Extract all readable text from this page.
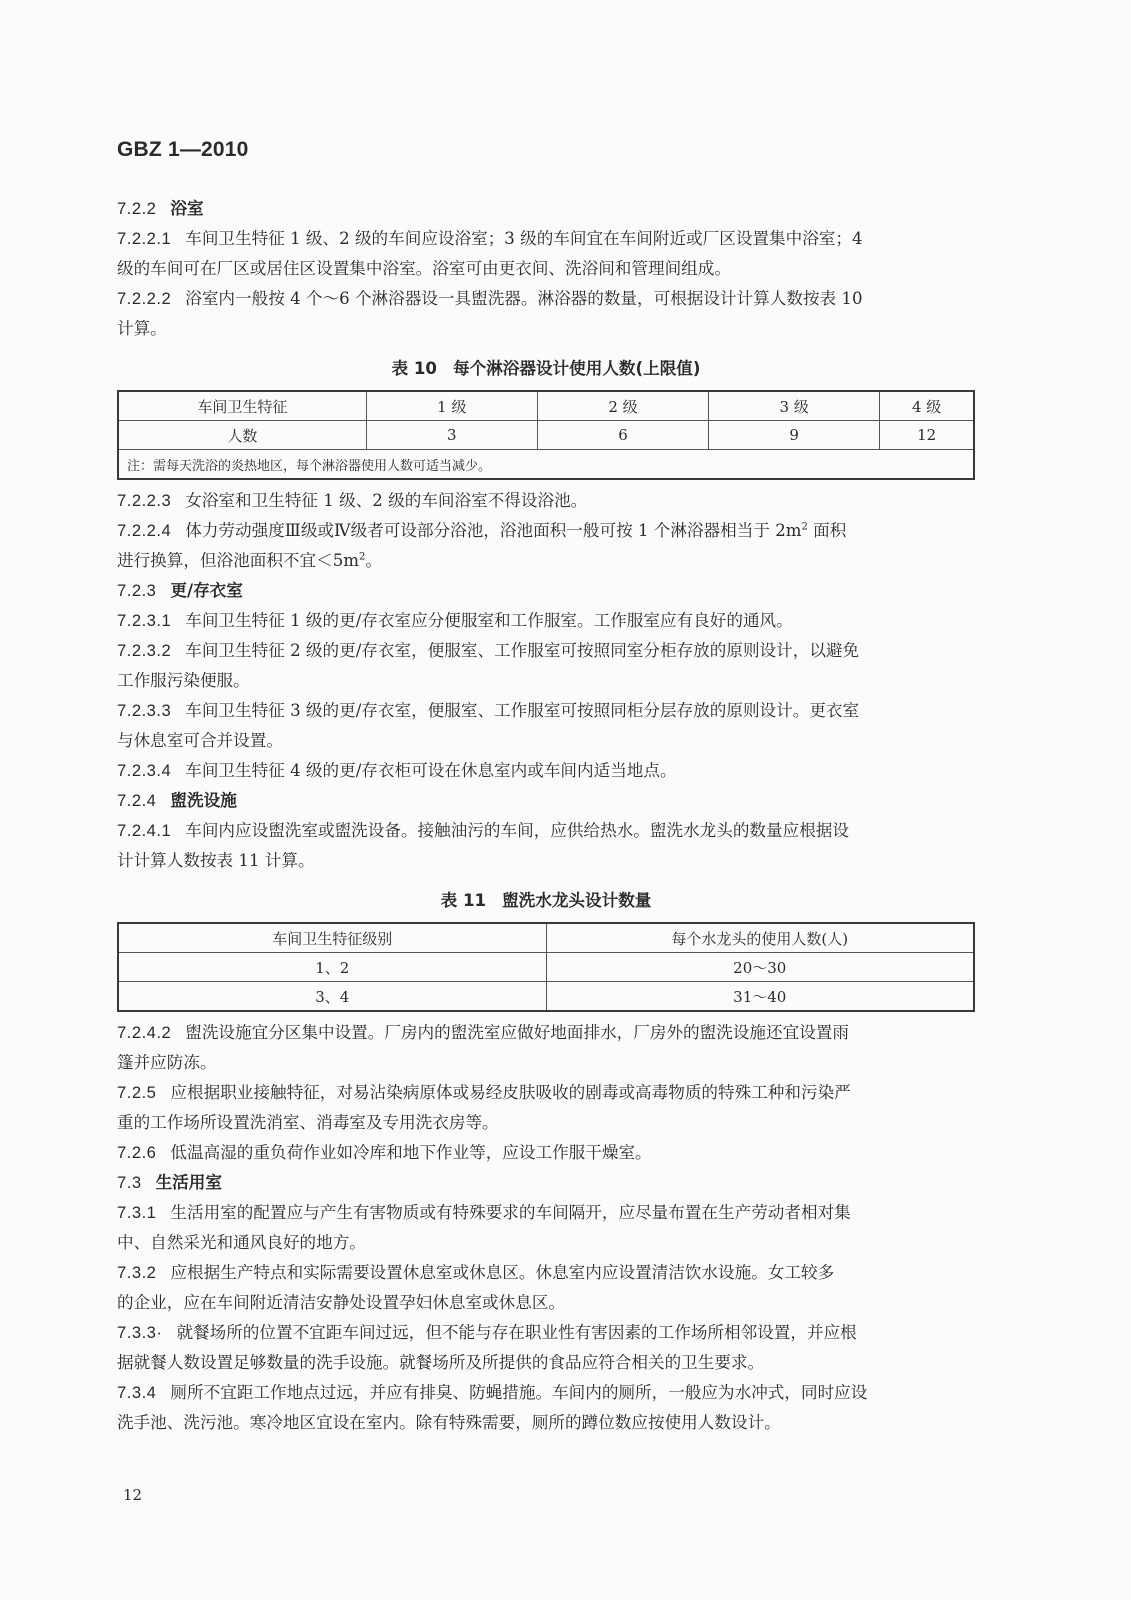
GBZ 1—2010
7.2.2 浴室
7.2.2.1 车间卫生特征 1 级、2 级的车间应设浴室；3 级的车间宜在车间附近或厂区设置集中浴室；4
级的车间可在厂区或居住区设置集中浴室。浴室可由更衣间、洗浴间和管理间组成。
7.2.2.2 浴室内一般按 4 个～6 个淋浴器设一具盥洗器。淋浴器的数量，可根据设计计算人数按表 10
计算。
表 10 每个淋浴器设计使用人数(上限值)
车间卫生特征	1 级	2 级	3 级	4 级
人数	3	6	9	12
注：需每天洗浴的炎热地区，每个淋浴器使用人数可适当减少。				
7.2.2.3 女浴室和卫生特征 1 级、2 级的车间浴室不得设浴池。
7.2.2.4 体力劳动强度Ⅲ级或Ⅳ级者可设部分浴池，浴池面积一般可按 1 个淋浴器相当于 $2m^2$ 面积
进行换算，但浴池面积不宜$<5m^2$。
7.2.3 更/存衣室
7.2.3.1 车间卫生特征 1 级的更/存衣室应分便服室和工作服室。工作服室应有良好的通风。
7.2.3.2 车间卫生特征 2 级的更/存衣室，便服室、工作服室可按照同室分柜存放的原则设计，以避免
工作服污染便服。
7.2.3.3 车间卫生特征 3 级的更/存衣室，便服室、工作服室可按照同柜分层存放的原则设计。更衣室
与休息室可合并设置。
7.2.3.4 车间卫生特征 4 级的更/存衣柜可设在休息室内或车间内适当地点。
7.2.4 盥洗设施
7.2.4.1 车间内应设盥洗室或盥洗设备。接触油污的车间，应供给热水。盥洗水龙头的数量应根据设
计计算人数按表 11 计算。
表 11 盥洗水龙头设计数量
车间卫生特征级别	每个水龙头的使用人数(人)
1、2	20～30
3、4	31～40
7.2.4.2 盥洗设施宜分区集中设置。厂房内的盥洗室应做好地面排水，厂房外的盥洗设施还宜设置雨
篷并应防冻。
7.2.5 应根据职业接触特征，对易沾染病原体或易经皮肤吸收的剧毒或高毒物质的特殊工种和污染严
重的工作场所设置洗消室、消毒室及专用洗衣房等。
7.2.6 低温高湿的重负荷作业如冷库和地下作业等，应设工作服干燥室。
7.3 生活用室
7.3.1 生活用室的配置应与产生有害物质或有特殊要求的车间隔开，应尽量布置在生产劳动者相对集
中、自然采光和通风良好的地方。
7.3.2 应根据生产特点和实际需要设置休息室或休息区。休息室内应设置清洁饮水设施。女工较多
的企业，应在车间附近清洁安静处设置孕妇休息室或休息区。
7.3.3· 就餐场所的位置不宜距车间过远，但不能与存在职业性有害因素的工作场所相邻设置，并应根
据就餐人数设置足够数量的洗手设施。就餐场所及所提供的食品应符合相关的卫生要求。
7.3.4 厕所不宜距工作地点过远，并应有排臭、防蝇措施。车间内的厕所，一般应为水冲式，同时应设
洗手池、洗污池。寒冷地区宜设在室内。除有特殊需要，厕所的蹲位数应按使用人数设计。
12
